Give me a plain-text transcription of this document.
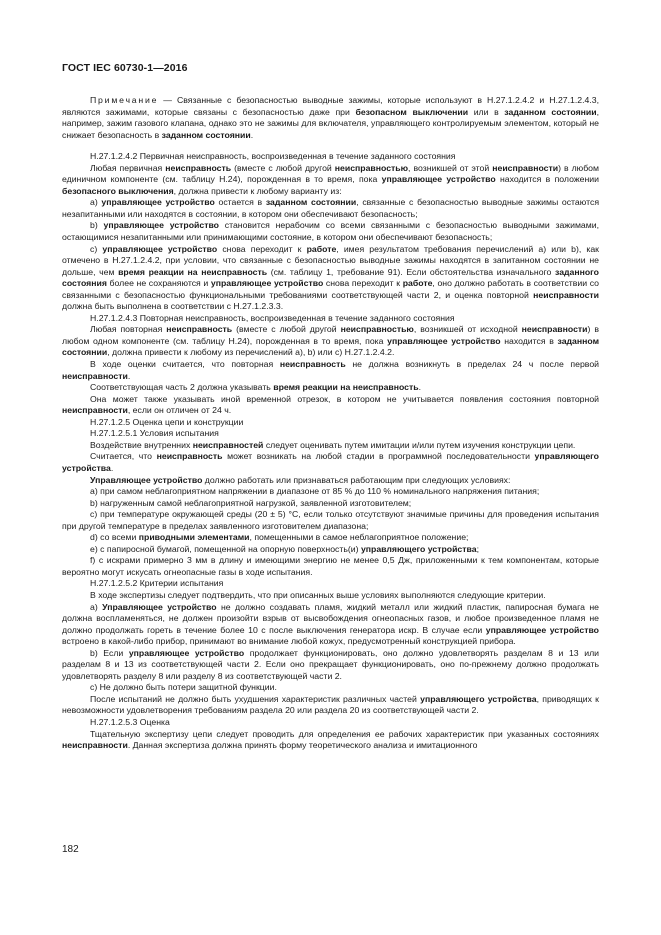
ГОСТ IEC 60730-1—2016

Примечание — Связанные с безопасностью выводные зажимы, которые используют в Н.27.1.2.4.2 и Н.27.1.2.4.3, являются зажимами, которые связаны с безопасностью даже при безопасном выключении или в заданном состоянии, например, зажим газового клапана, однако это не зажимы для включателя, управляющего контролируемым элементом, который не снижает безопасность в заданном состоянии.

Н.27.1.2.4.2 Первичная неисправность, воспроизведенная в течение заданного состояния

Любая первичная неисправность (вместе с любой другой неисправностью, возникшей от этой неисправности) в любом единичном компоненте (см. таблицу Н.24), порожденная в то время, пока управляющее устройство находится в положении безопасного выключения, должна привести к любому варианту из:

a) управляющее устройство остается в заданном состоянии, связанные с безопасностью выводные зажимы остаются незапитанными или находятся в состоянии, в котором они обеспечивают безопасность;

b) управляющее устройство становится нерабочим со всеми связанными с безопасностью выводными зажимами, остающимися незапитанными или принимающими состояние, в котором они обеспечивают безопасность;

c) управляющее устройство снова переходит к работе, имея результатом требования перечислений a) или b), как отмечено в Н.27.1.2.4.2, при условии, что связанные с безопасностью выводные зажимы находятся в запитанном состоянии не дольше, чем время реакции на неисправность (см. таблицу 1, требование 91). Если обстоятельства изначального заданного состояния более не сохраняются и управляющее устройство снова переходит к работе, оно должно работать в соответствии со связанными с безопасностью функциональными требованиями соответствующей части 2, и оценка повторной неисправности должна быть выполнена в соответствии с Н.27.1.2.3.3.

Н.27.1.2.4.3 Повторная неисправность, воспроизведенная в течение заданного состояния

Любая повторная неисправность (вместе с любой другой неисправностью, возникшей от исходной неисправности) в любом одном компоненте (см. таблицу Н.24), порожденная в то время, пока управляющее устройство находится в заданном состоянии, должна привести к любому из перечислений a), b) или c) Н.27.1.2.4.2.

В ходе оценки считается, что повторная неисправность не должна возникнуть в пределах 24 ч после первой неисправности.

Соответствующая часть 2 должна указывать время реакции на неисправность.

Она может также указывать иной временной отрезок, в котором не учитывается появления состояния повторной неисправности, если он отличен от 24 ч.

Н.27.1.2.5 Оценка цепи и конструкции

Н.27.1.2.5.1 Условия испытания

Воздействие внутренних неисправностей следует оценивать путем имитации и/или путем изучения конструкции цепи.

Считается, что неисправность может возникать на любой стадии в программной последовательности управляющего устройства.

Управляющее устройство должно работать или признаваться работающим при следующих условиях:

a) при самом неблагоприятном напряжении в диапазоне от 85 % до 110 % номинального напряжения питания;

b) нагруженным самой неблагоприятной нагрузкой, заявленной изготовителем;

c) при температуре окружающей среды (20 ± 5) °С, если только отсутствуют значимые причины для проведения испытания при другой температуре в пределах заявленного изготовителем диапазона;

d) со всеми приводными элементами, помещенными в самое неблагоприятное положение;

e) с папиросной бумагой, помещенной на опорную поверхность(и) управляющего устройства;

f) с искрами примерно 3 мм в длину и имеющими энергию не менее 0,5 Дж, приложенными к тем компонентам, которые вероятно могут искусать огнеопасные газы в ходе испытания.

Н.27.1.2.5.2 Критерии испытания

В ходе экспертизы следует подтвердить, что при описанных выше условиях выполняются следующие критерии.

a) Управляющее устройство не должно создавать пламя, жидкий металл или жидкий пластик, папиросная бумага не должна воспламеняться, не должен произойти взрыв от высвобождения огнеопасных газов, и любое произведенное пламя не должно продолжать гореть в течение более 10 с после выключения генератора искр. В случае если управляющее устройство встроено в какой-либо прибор, принимают во внимание любой кожух, предусмотренный конструкцией прибора.

b) Если управляющее устройство продолжает функционировать, оно должно удовлетворять разделам 8 и 13 или разделам 8 и 13 из соответствующей части 2. Если оно прекращает функционировать, оно по-прежнему должно продолжать удовлетворять разделу 8 или разделу 8 из соответствующей части 2.

c) Не должно быть потери защитной функции.

После испытаний не должно быть ухудшения характеристик различных частей управляющего устройства, приводящих к невозможности удовлетворения требованиям раздела 20 или раздела 20 из соответствующей части 2.

Н.27.1.2.5.3 Оценка

Тщательную экспертизу цепи следует проводить для определения ее рабочих характеристик при указанных состояниях неисправности. Данная экспертиза должна принять форму теоретического анализа и имитационного

182
